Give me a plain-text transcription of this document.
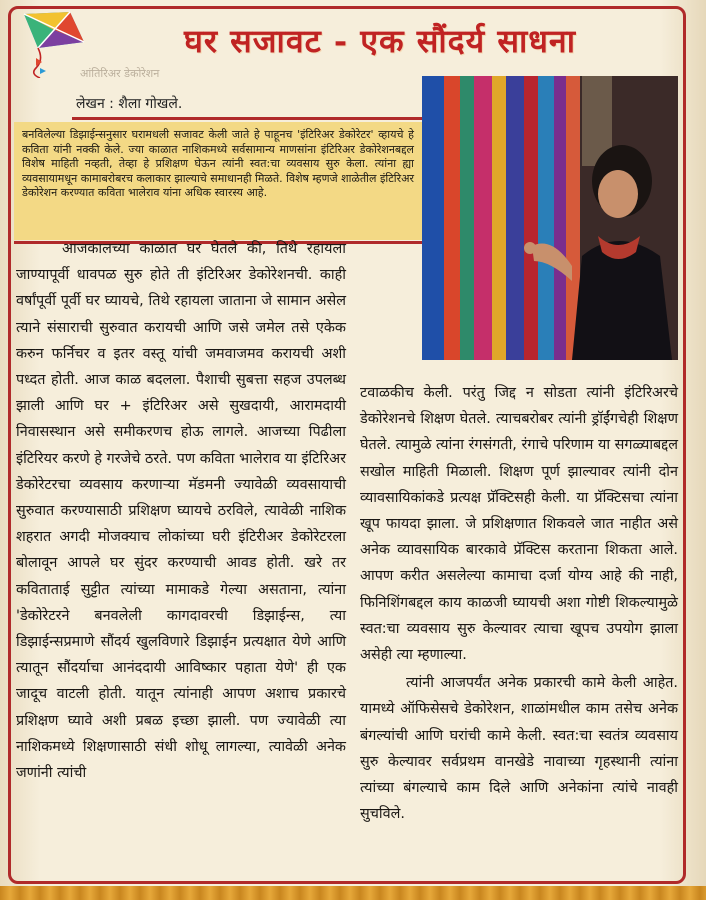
घर सजावट - एक सौंदर्य साधना
आंतिरिअर डेकोरेशन
लेखन : शैला गोखले.
बनविलेल्या डिझाईन्सनुसार घरामधली सजावट केली जाते हे पाहूनच 'इंटिरिअर डेकोरेटर' व्हायचे हे कविता यांनी नक्की केले. ज्या काळात नाशिकमध्ये सर्वसामान्य माणसांना इंटिरिअर डेकोरेशनबद्दल विशेष माहिती नव्हती, तेव्हा हे प्रशिक्षण घेऊन त्यांनी स्वत:चा व्यवसाय सुरु केला. त्यांना ह्या व्यवसायामधून कामाबरोबरच कलाकार झाल्याचे समाधानही मिळते. विशेष म्हणजे शाळेतील इंटिरिअर डेकोरेशन करण्यात कविता भालेराव यांना अधिक स्वारस्य आहे.

आजकालच्या काळात घर घेतले की, तिथे रहायला जाण्यापूर्वी धावपळ सुरु होते ती इंटिरिअर डेकोरेशनची. काही वर्षांपूर्वी पूर्वी घर घ्यायचे, तिथे रहायला जाताना जे सामान असेल त्याने संसाराची सुरुवात करायची आणि जसे जमेल तसे एकेक करुन फर्निचर व इतर वस्तू यांची जमवाजमव करायची अशी पध्दत होती. आज काळ बदलला. पैशाची सुबत्ता सहज उपलब्ध झाली आणि घर + इंटिरिअर असे सुखदायी, आरामदायी निवासस्थान असे समीकरणच होऊ लागले. आजच्या पिढीला इंटिरियर करणे हे गरजेचे ठरते. पण कविता भालेराव या इंटिरिअर डेकोरेटरचा व्यवसाय करणाऱ्या मॅडमनी ज्यावेळी व्यवसायाची सुरुवात करण्यासाठी प्रशिक्षण घ्यायचे ठरविले, त्यावेळी नाशिक शहरात अगदी मोजक्याच लोकांच्या घरी इंटिरीअर डेकोरेटरला बोलावून आपले घर सुंदर करण्याची आवड होती. खरे तर कविताताई सुट्टीत त्यांच्या मामाकडे गेल्या असताना, त्यांना 'डेकोरेटरने बनवलेली कागदावरची डिझाईन्स, त्या डिझाईन्सप्रमाणे सौंदर्य खुलविणारे डिझाईन प्रत्यक्षात येणे आणि त्यातून सौंदर्याचा आनंददायी आविष्कार पहाता येणे' ही एक जादूच वाटली होती. यातून त्यांनाही आपण अशाच प्रकारचे प्रशिक्षण घ्यावे अशी प्रबळ इच्छा झाली. पण ज्यावेळी त्या नाशिकमध्ये शिक्षणासाठी संधी शोधू लागल्या, त्यावेळी अनेक जणांनी त्यांची

टवाळकीच केली. परंतु जिद्द न सोडता त्यांनी इंटिरिअरचे डेकोरेशनचे शिक्षण घेतले. त्याचबरोबर त्यांनी ड्रॉईंगचेही शिक्षण घेतले. त्यामुळे त्यांना रंगसंगती, रंगाचे परिणाम या सगळ्याबद्दल सखोल माहिती मिळाली. शिक्षण पूर्ण झाल्यावर त्यांनी दोन व्यावसायिकांकडे प्रत्यक्ष प्रॅक्टिसही केली. या प्रॅक्टिसचा त्यांना खूप फायदा झाला. जे प्रशिक्षणात शिकवले जात नाहीत असे अनेक व्यावसायिक बारकावे प्रॅक्टिस करताना शिकता आले. आपण करीत असलेल्या कामाचा दर्जा योग्य आहे की नाही, फिनिशिंगबद्दल काय काळजी घ्यायची अशा गोष्टी शिकल्यामुळे स्वत:चा व्यवसाय सुरु केल्यावर त्याचा खूपच उपयोग झाला असेही त्या म्हणाल्या.

त्यांनी आजपर्यंत अनेक प्रकारची कामे केली आहेत. यामध्ये ऑफिसेसचे डेकोरेशन, शाळांमधील काम तसेच अनेक बंगल्यांची आणि घरांची कामे केली. स्वत:चा स्वतंत्र व्यवसाय सुरु केल्यावर सर्वप्रथम वानखेडे नावाच्या गृहस्थानी त्यांना त्यांच्या बंगल्याचे काम दिले आणि अनेकांना त्यांचे नावही सुचविले.
